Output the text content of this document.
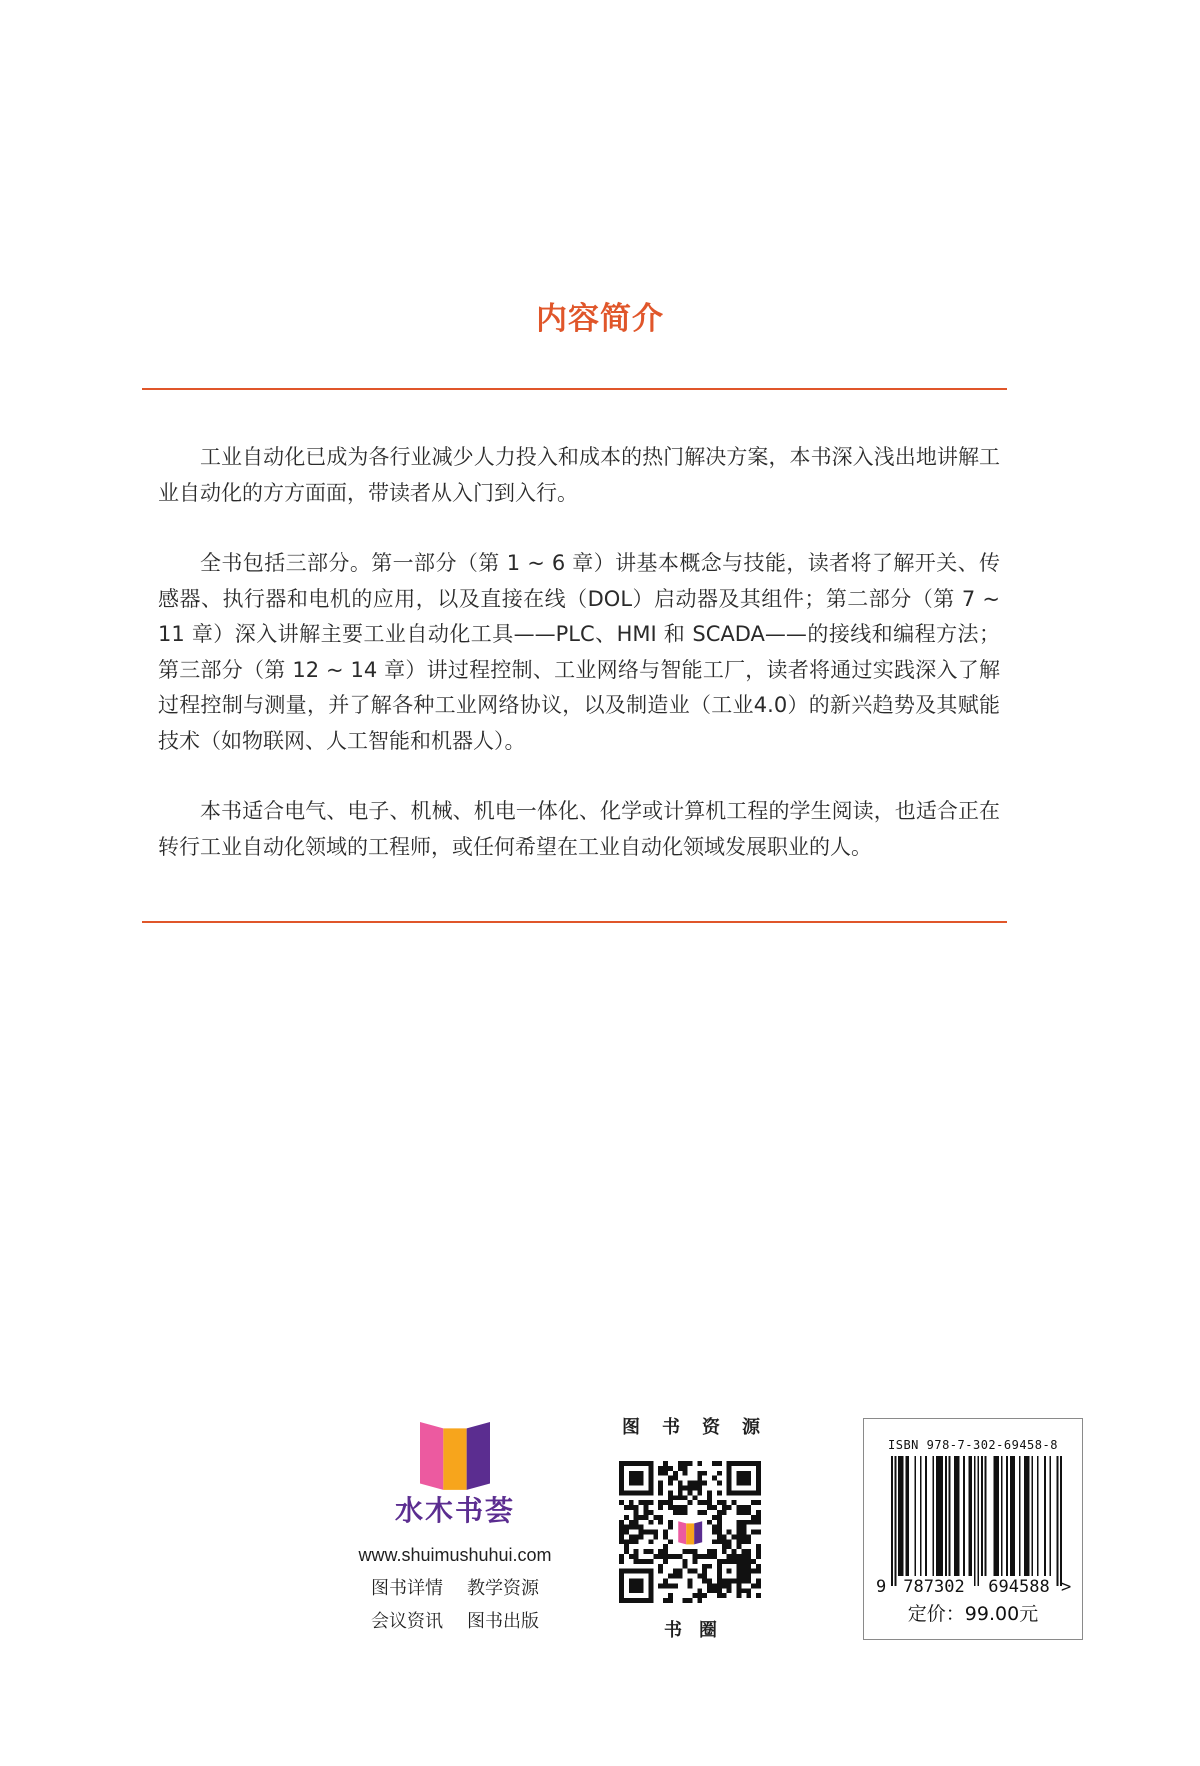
内容简介

工业自动化已成为各行业减少人力投入和成本的热门解决方案，本书深入浅出地讲解工业自动化的方方面面，带读者从入门到入行。

全书包括三部分。第一部分（第 1 ~ 6 章）讲基本概念与技能，读者将了解开关、传感器、执行器和电机的应用，以及直接在线（DOL）启动器及其组件；第二部分（第 7 ~ 11 章）深入讲解主要工业自动化工具——PLC、HMI 和 SCADA——的接线和编程方法；第三部分（第 12 ~ 14 章）讲过程控制、工业网络与智能工厂，读者将通过实践深入了解过程控制与测量，并了解各种工业网络协议，以及制造业（工业4.0）的新兴趋势及其赋能技术（如物联网、人工智能和机器人）。

本书适合电气、电子、机械、机电一体化、化学或计算机工程的学生阅读，也适合正在转行工业自动化领域的工程师，或任何希望在工业自动化领域发展职业的人。

水木书荟
www.shuimushuhui.com
图书详情 教学资源
会议资讯 图书出版
图书资源
书圈
ISBN 978-7-302-69458-8
9	787302	694588 >
定价：99.00元
